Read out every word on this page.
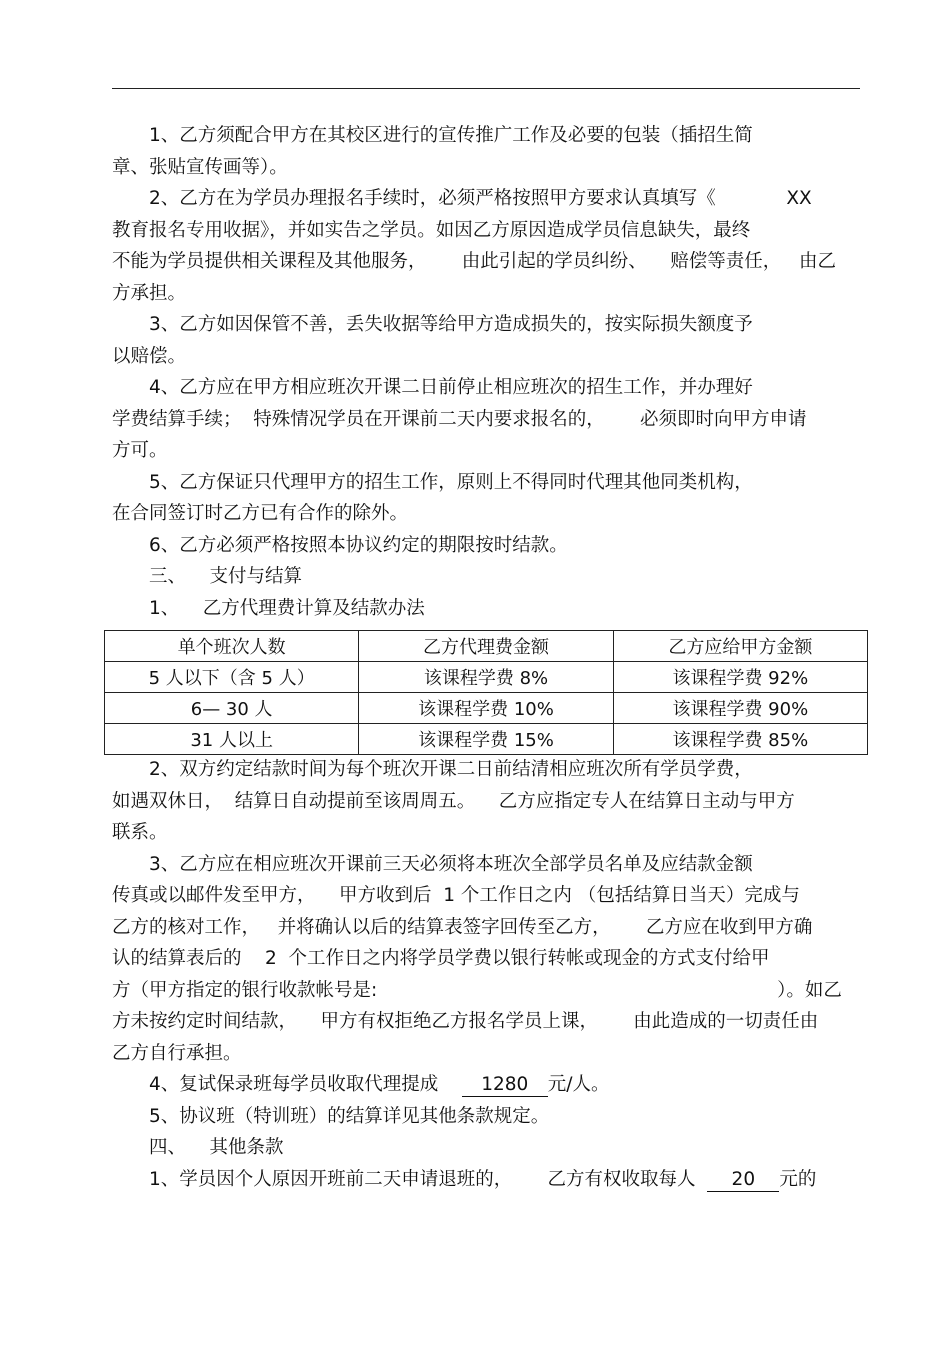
1、乙方须配合甲方在其校区进行的宣传推广工作及必要的包装（插招生简
章、张贴宣传画等）。
2、乙方在为学员办理报名手续时，必须严格按照甲方要求认真填写《            XX
教育报名专用收据》，并如实告之学员。如因乙方原因造成学员信息缺失，最终
不能为学员提供相关课程及其他服务，      由此引起的学员纠纷、    赔偿等责任，   由乙
方承担。
3、乙方如因保管不善，丢失收据等给甲方造成损失的，按实际损失额度予
以赔偿。
4、乙方应在甲方相应班次开课二日前停止相应班次的招生工作，并办理好
学费结算手续；  特殊情况学员在开课前二天内要求报名的，      必须即时向甲方申请
方可。
5、乙方保证只代理甲方的招生工作，原则上不得同时代理其他同类机构，
在合同签订时乙方已有合作的除外。
6、乙方必须严格按照本协议约定的期限按时结款。
三、    支付与结算
1、    乙方代理费计算及结款办法
2、双方约定结款时间为每个班次开课二日前结清相应班次所有学员学费，
如遇双休日，  结算日自动提前至该周周五。    乙方应指定专人在结算日主动与甲方
联系。
3、乙方应在相应班次开课前三天必须将本班次全部学员名单及应结款金额
传真或以邮件发至甲方，    甲方收到后  1 个工作日之内 （包括结算日当天）完成与
乙方的核对工作，   并将确认以后的结算表签字回传至乙方，      乙方应在收到甲方确
认的结算表后的    2  个工作日之内将学员学费以银行转帐或现金的方式支付给甲
方（甲方指定的银行收款帐号是:                                                                    ）。如乙
方未按约定时间结款，    甲方有权拒绝乙方报名学员上课，      由此造成的一切责任由
乙方自行承担。
4、复试保录班每学员收取代理提成    1280 元/人。
5、协议班（特训班）的结算详见其他条款规定。
四、    其他条款
1、学员因个人原因开班前二天申请退班的，      乙方有权收取每人  20 元的
单个班次人数	乙方代理费金额	乙方应给甲方金额
5 人以下（含 5 人）	该课程学费 8%	该课程学费 92%
6— 30 人	该课程学费 10%	该课程学费 90%
31 人以上	该课程学费 15%	该课程学费 85%
